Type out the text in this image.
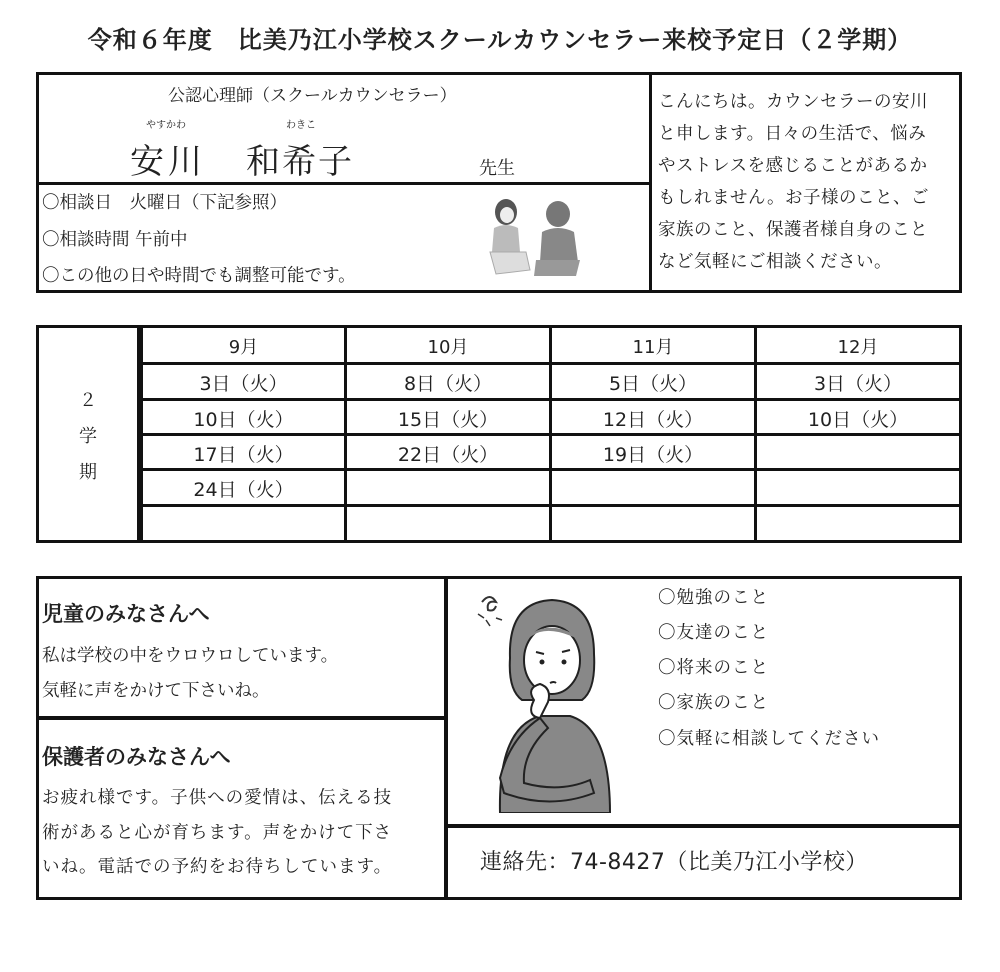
令和６年度　比美乃江小学校スクールカウンセラー来校予定日（２学期）
公認心理師（スクールカウンセラー）
やすかわ	わきこ
安川 和希子	先生
〇相談日　火曜日（下記参照）
〇相談時間 午前中
〇この他の日や時間でも調整可能です。
こんにちは。カウンセラーの安川
と申します。日々の生活で、悩み
やストレスを感じることがあるか
もしれません。お子様のこと、ご
家族のこと、保護者様自身のこと
など気軽にご相談ください。
２
学
期
9月	10月	11月	12月
3日（火）	8日（火）	5日（火）	3日（火）
10日（火）	15日（火）	12日（火）	10日（火）
17日（火）	22日（火）	19日（火）
24日（火）
児童のみなさんへ
私は学校の中をウロウロしています。
気軽に声をかけて下さいね。
保護者のみなさんへ
お疲れ様です。子供への愛情は、伝える技
術があると心が育ちます。声をかけて下さ
いね。電話での予約をお待ちしています。
〇勉強のこと
〇友達のこと
〇将来のこと
〇家族のこと
〇気軽に相談してください
連絡先：74-8427（比美乃江小学校）
